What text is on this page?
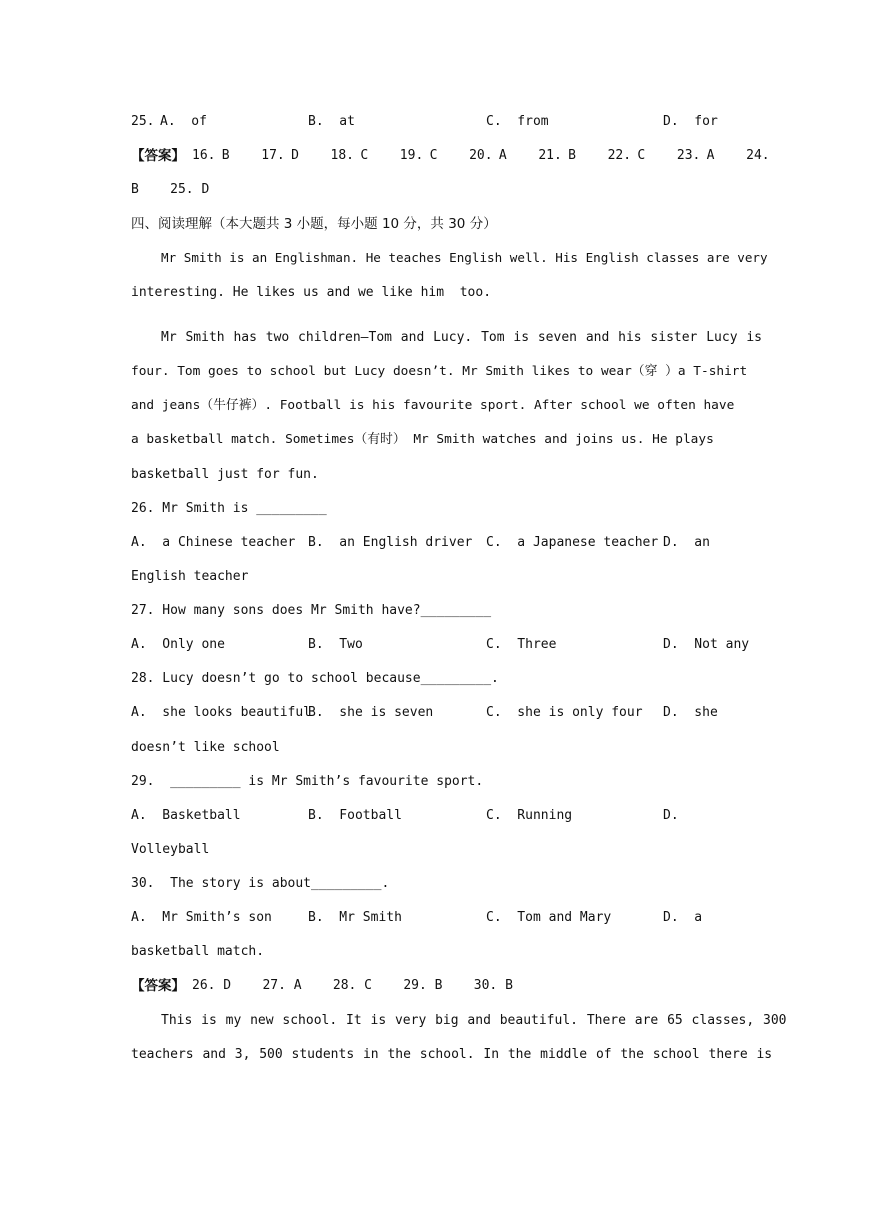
25. A.  of	B.  at	C.  from	D.  for
【答案】 16. B     17. D     18. C     19. C     20. A     21. B     22. C     23. A     24.
B    25. D
四、阅读理解（本大题共 3 小题，每小题 10 分，共 30 分）
Mr Smith is an Englishman. He teaches English well. His English classes are very
interesting. He likes us and we like him  too.
Mr Smith has two children—Tom and Lucy. Tom is seven and his sister Lucy is
four. Tom goes to school but Lucy doesn’t. Mr Smith likes to wear（穿 ）a T-shirt
and jeans（牛仔裤）. Football is his favourite sport. After school we often have
a basketball match. Sometimes（有时） Mr Smith watches and joins us. He plays
basketball just for fun.
26. Mr Smith is _________
A.  a Chinese teacher B.  an English driver C.  a Japanese teacher D.  an
English teacher
27. How many sons does Mr Smith have?_________
A.  Only one	B.  Two	C.  Three	D.  Not any
28. Lucy doesn’t go to school because_________.
A.  she looks beautiful
B.  she is seven	C.  she is only four D.  she
doesn’t like school
29.  _________ is Mr Smith’s favourite sport.
A.  Basketball	B.  Football	C.  Running	D.
Volleyball
30.  The story is about_________.
A.  Mr Smith’s son	B.  Mr Smith	C.  Tom and Mary	D.  a
basketball match.
【答案】 26. D    27. A    28. C    29. B    30. B
This is my new school. It is very big and beautiful. There are 65 classes, 300
teachers and 3, 500 students in the school. In the middle of the school there is
